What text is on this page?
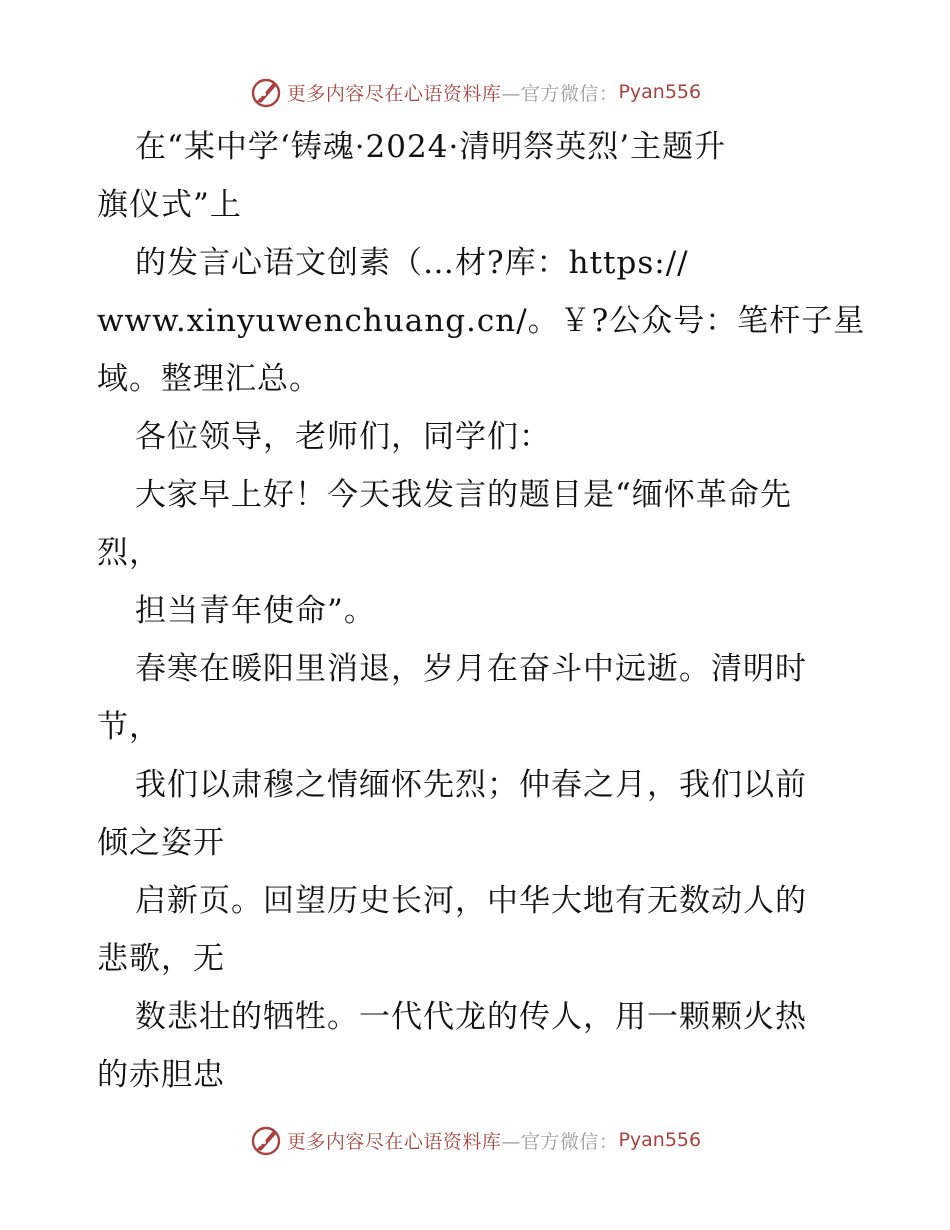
更多内容尽在心语资料库 —官方微信： Pyan556
在“某中学‘铸魂·2024·清明祭英烈’主题升
旗仪式”上
的发言心语文创素（…材?库：https://
www.xinyuwenchuang.cn/。￥?公众号：笔杆子星
域。整理汇总。
各位领导，老师们，同学们：
大家早上好！今天我发言的题目是“缅怀革命先
烈，
担当青年使命”。
春寒在暖阳里消退，岁月在奋斗中远逝。清明时
节，
我们以肃穆之情缅怀先烈；仲春之月，我们以前
倾之姿开
启新页。回望历史长河，中华大地有无数动人的
悲歌，无
数悲壮的牺牲。一代代龙的传人，用一颗颗火热
的赤胆忠
更多内容尽在心语资料库 —官方微信： Pyan556
